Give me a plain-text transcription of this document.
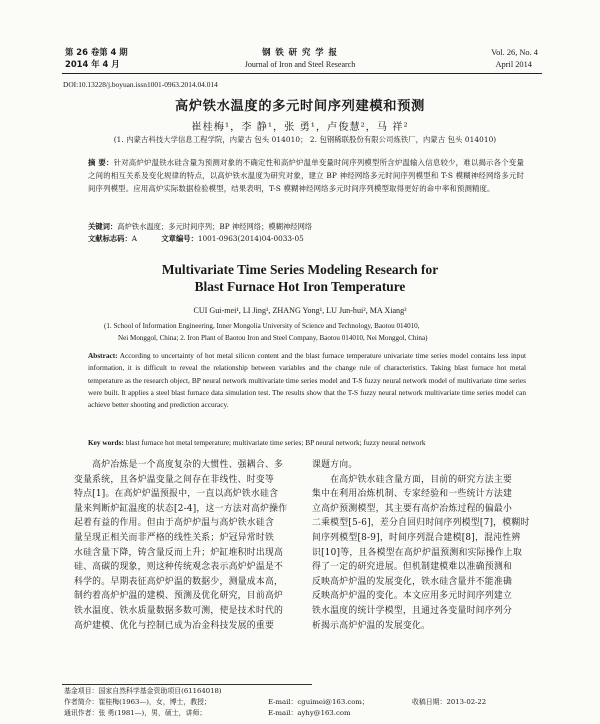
第 26 卷第 4 期
2014 年 4 月
钢 铁 研 究 学 报
Journal of Iron and Steel Research
Vol. 26, No. 4
April 2014
DOI:10.13228/j.boyuan.issn1001-0963.2014.04.014
高炉铁水温度的多元时间序列建模和预测
崔桂梅¹，李 静¹，张 勇¹，卢俊慧²，马 祥²
(1. 内蒙古科技大学信息工程学院，内蒙古 包头 014010； 2. 包钢稀联股份有限公司炼铁厂，内蒙古 包头 014010)
摘 要：针对高炉炉温铁水硅含量为预测对象的不确定性和高炉炉温单变量时间序列模型所含炉温输入信息较少，难以揭示各个变量之间的相互关系及变化规律的特点，以高炉铁水温度为研究对象，建立 BP 神经网络多元时间序列模型和 T-S 模糊神经网络多元时间序列模型。应用高炉实际数据检验模型，结果表明，T-S 模糊神经网络多元时间序列模型取得更好的命中率和预测精度。
关键词：高炉铁水温度；多元时间序列；BP 神经网络；模糊神经网络
文献标志码：A	文章编号：1001-0963(2014)04-0033-05
Multivariate Time Series Modeling Research for
Blast Furnace Hot Iron Temperature
CUI Gui-mei¹, LI Jing¹, ZHANG Yong¹, LU Jun-hui², MA Xiang²
(1. School of Information Engineering, Inner Mongolia University of Science and Technology, Baotou 014010,
Nei Monggol, China; 2. Iron Plant of Baotou Iron and Steel Company, Baotou 014010, Nei Monggol, China)
Abstract: According to uncertainty of hot metal silicon content and the blast furnace temperature univariate time series model contains less input information, it is difficult to reveal the relationship between variables and the change rule of characteristics. Taking blast furnace hot metal temperature as the research object, BP neural network multivariate time series model and T-S fuzzy neural network model of multivariate time series were built. It applies a steel blast furnace data simulation test. The results show that the T-S fuzzy neural network multivariate time series model can achieve better shooting and prediction accuracy.
Key words: blast furnace hot metal temperature; multivariate time series; BP neural network; fuzzy neural network
　　高炉冶炼是一个高度复杂的大惯性、强耦合、多
变量系统，且各炉温变量之间存在非线性、时变等
特点[1]。在高炉炉温预报中，一直以高炉铁水硅含
量来判断炉缸温度的状态[2-4]，这一方法对高炉操作
起着有益的作用。但由于高炉炉温与高炉铁水硅含
量呈现正相关而非严格的线性关系；炉冠异常时铁
水硅含量下降，铸含量反而上升；炉缸堆积时出现高
硅、高碳的现象，则这种传统观念表示高炉炉温是不
科学的。早期表征高炉炉温的数据少，测量成本高，
制约着高炉炉温的建模、预测及优化研究，目前高炉
铁水温度、铁水质量数据多数可测，使是技术时代的
高炉建模、优化与控制已成为冶金科技发展的重要
课题方向。
　　在高炉铁水硅含量方面，目前的研究方法主要
集中在利用冶炼机制、专家经验和一些统计方法建
立高炉预测模型，其主要有高炉冶炼过程的偏最小
二乘模型[5-6]，差分自回归时间序列模型[7]，模糊时
间序列模型[8-9]，时间序列混合建模[8]，混沌性辨
识[10]等，且各模型在高炉炉温预测和实际操作上取
得了一定的研究进展。但机制建模难以准确预测和
反映高炉炉温的发展变化，铁水硅含量并不能准确
反映高炉炉温的变化。本文应用多元时间序列建立
铁水温度的统计学模型，且通过各变量时间序列分
析揭示高炉炉温的发展变化。
基金项目：国家自然科学基金资助项目(61164018)
作者简介：崔桂梅(1963—)，女，博士，教授；	E-mail：cguimei@163.com；	收稿日期：2013-02-22
通讯作者：张 勇(1981—)，男，硕士，讲师；	E-mail：ayhy@163.com
